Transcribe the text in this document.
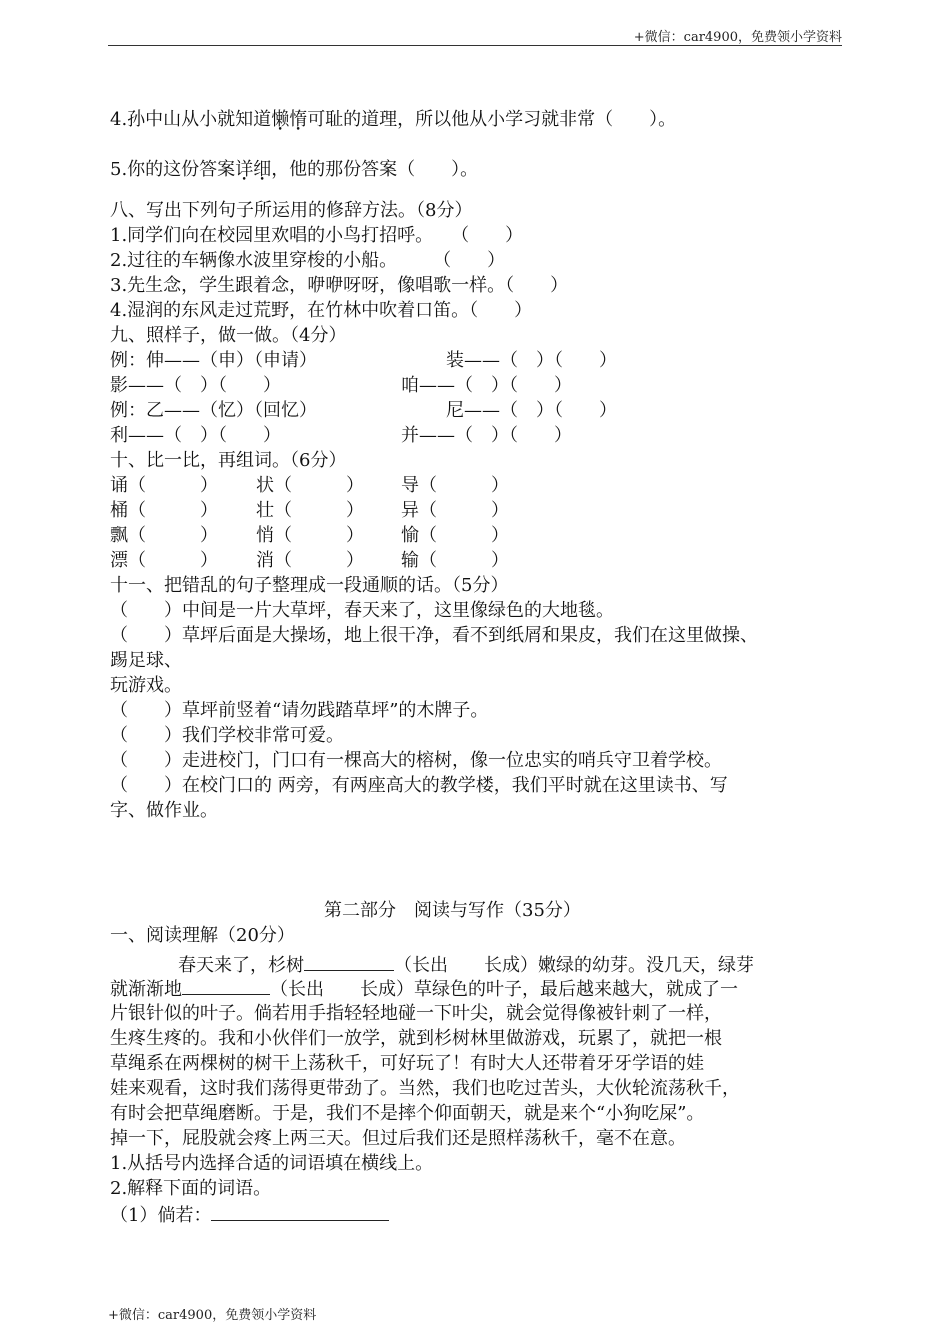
+微信：car4900，免费领小学资料
4.孙中山从小就知道懒惰可耻的道理，所以他从小学习就非常（　　）。
5.你的这份答案详细，他的那份答案（　　）。
八、写出下列句子所运用的修辞方法。（8分）
1.同学们向在校园里欢唱的小鸟打招呼。　　（　　）
2.过往的车辆像水波里穿梭的小船。　　　（　　）
3.先生念，学生跟着念，咿咿呀呀，像唱歌一样。（　　）
4.湿润的东风走过荒野，在竹林中吹着口笛。（　　）
九、照样子，做一做。（4分）
例：伸——（申）（申请）	装——（　）（　　）
影——（　）（　　）	咱——（　）（　　）
例：乙——（忆）（回忆）	尼——（　）（　　）
利——（　）（　　）	并——（　）（　　）
十、比一比，再组词。（6分）
诵（　　　） 状（　　　） 导（　　　）
桶（　　　） 壮（　　　） 异（　　　）
飘（　　　） 悄（　　　） 愉（　　　）
漂（　　　） 消（　　　） 输（　　　）
十一、把错乱的句子整理成一段通顺的话。（5分）
（　　）中间是一片大草坪，春天来了，这里像绿色的大地毯。
（　　）草坪后面是大操场，地上很干净，看不到纸屑和果皮，我们在这里做操、
踢足球、
玩游戏。
（　　）草坪前竖着“请勿践踏草坪”的木牌子。
（　　）我们学校非常可爱。
（　　）走进校门，门口有一棵高大的榕树，像一位忠实的哨兵守卫着学校。
（　　）在校门口的 两旁，有两座高大的教学楼，我们平时就在这里读书、写
字、做作业。
第二部分　阅读与写作（35分）
一、阅读理解（20分）
春天来了，杉树	（长出　　长成）嫩绿的幼芽。没几天，绿芽
就渐渐地	（长出　　长成）草绿色的叶子，最后越来越大，就成了一
片银针似的叶子。倘若用手指轻轻地碰一下叶尖，就会觉得像被针刺了一样，
生疼生疼的。我和小伙伴们一放学，就到杉树林里做游戏，玩累了，就把一根
草绳系在两棵树的树干上荡秋千，可好玩了！有时大人还带着牙牙学语的娃
娃来观看，这时我们荡得更带劲了。当然，我们也吃过苦头，大伙轮流荡秋千，
有时会把草绳磨断。于是，我们不是摔个仰面朝天，就是来个“小狗吃屎”。
掉一下，屁股就会疼上两三天。但过后我们还是照样荡秋千，毫不在意。
1.从括号内选择合适的词语填在横线上。
2.解释下面的词语。
（1）倘若：
+微信：car4900，免费领小学资料
